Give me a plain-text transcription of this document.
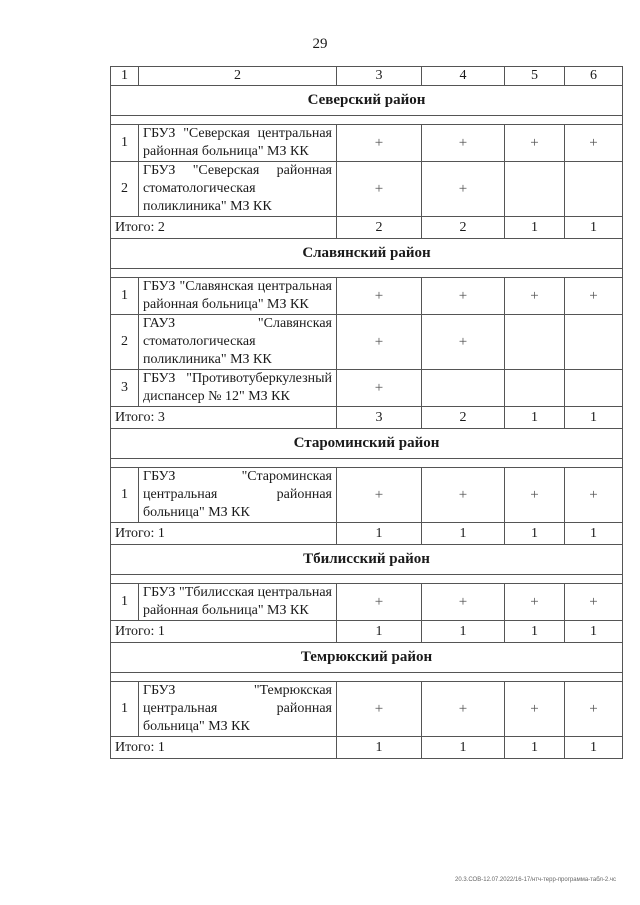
29
1	2	3	4	5	6
Северский район					

1	ГБУЗ "Северская центральная районная больница" МЗ КК	+	+	+	+
2	ГБУЗ "Северская районная стоматологическая поликлиника" МЗ КК	+	+		
Итого: 2		2	2	1	1
Славянский район					

1	ГБУЗ "Славянская центральная районная больница" МЗ КК	+	+	+	+
2	ГАУЗ "Славянская стоматологическая поликлиника" МЗ КК	+	+		
3	ГБУЗ "Противотуберкулезный диспансер № 12" МЗ КК	+			
Итого: 3		3	2	1	1
Староминский район					

1	ГБУЗ "Староминская центральная районная больница" МЗ КК	+	+	+	+
Итого: 1		1	1	1	1
Тбилисский район					

1	ГБУЗ "Тбилисская центральная районная больница" МЗ КК	+	+	+	+
Итого: 1		1	1	1	1
Темрюкский район					

1	ГБУЗ "Темрюкская центральная районная больница" МЗ КК	+	+	+	+
Итого: 1		1	1	1	1
20.3.СОВ-12.07.2022/16-17/нтч-терр-программа-табл-2.чс
